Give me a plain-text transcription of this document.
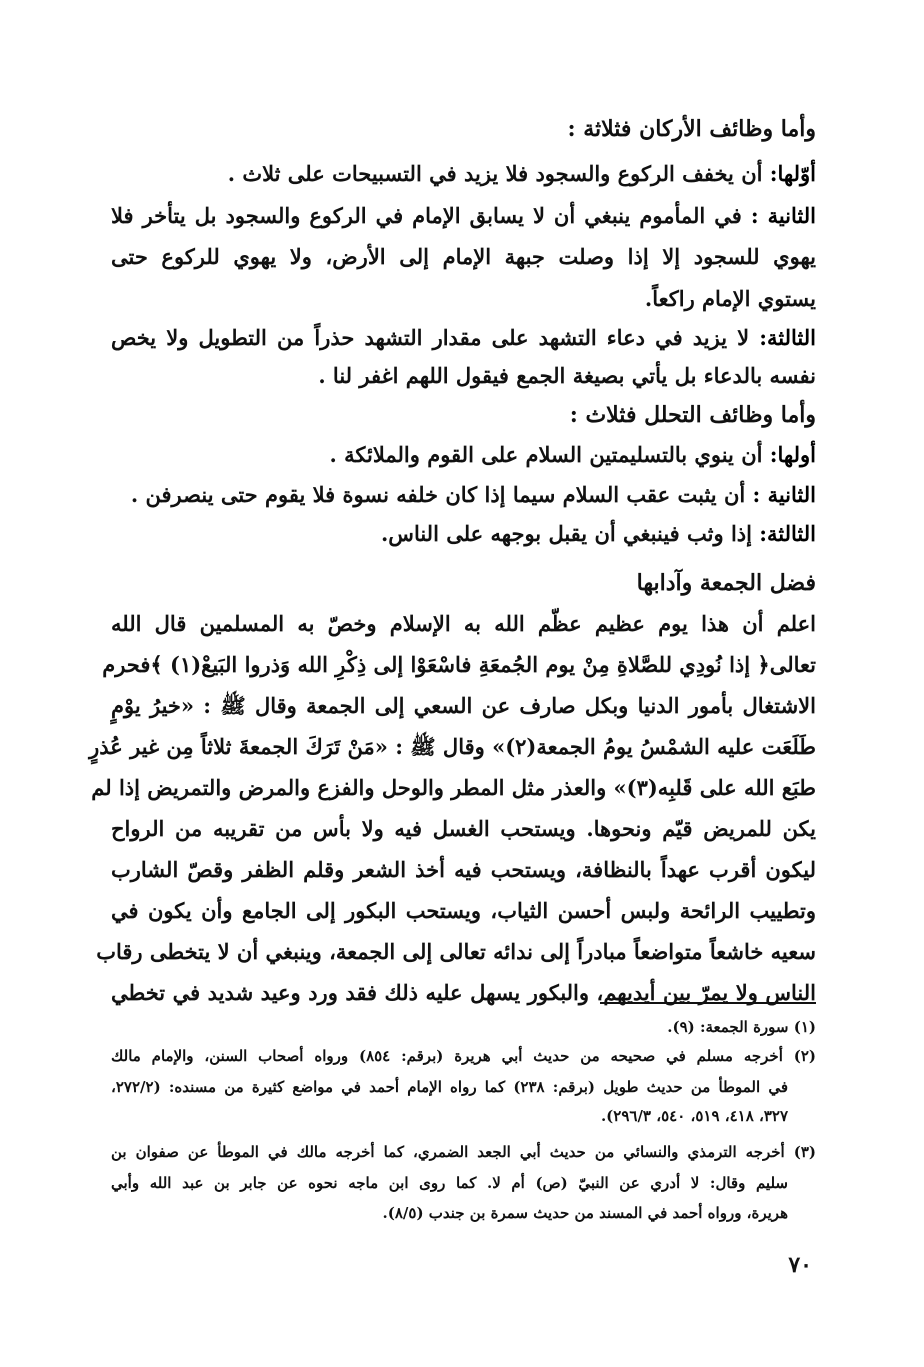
وأما وظائف الأركان فثلاثة :
أوّلها: أن يخفف الركوع والسجود فلا يزيد في التسبيحات على ثلاث .
الثانية : في المأموم ينبغي أن لا يسابق الإمام في الركوع والسجود بل يتأخر فلا
يهوي للسجود إلا إذا وصلت جبهة الإمام إلى الأرض، ولا يهوي للركوع حتى
يستوي الإمام راكعاً.
الثالثة: لا يزيد في دعاء التشهد على مقدار التشهد حذراً من التطويل ولا يخص
نفسه بالدعاء بل يأتي بصيغة الجمع فيقول اللهم اغفر لنا .
وأما وظائف التحلل فثلاث :
أولها: أن ينوي بالتسليمتين السلام على القوم والملائكة .
الثانية : أن يثبت عقب السلام سيما إذا كان خلفه نسوة فلا يقوم حتى ينصرفن .
الثالثة: إذا وثب فينبغي أن يقبل بوجهه على الناس.
فضل الجمعة وآدابها
اعلم أن هذا يوم عظيم عظّم الله به الإسلام وخصّ به المسلمين قال الله
تعالى﴿ إذا نُودِي للصَّلاةِ مِنْ يوم الجُمعَةِ فاسْعَوْا إلى ذِكْرِ الله وَذروا البَيعْ(١) ﴾فحرم
الاشتغال بأمور الدنيا وبكل صارف عن السعي إلى الجمعة وقال ﷺ : «خيرُ يوْمٍ
طَلَعَت عليه الشمْسُ يومُ الجمعة(٢)» وقال ﷺ : «مَنْ تَرَكَ الجمعةَ ثلاثاً مِن غير عُذرٍ
طبَع الله على قَلبِه(٣)» والعذر مثل المطر والوحل والفزع والمرض والتمريض إذا لم
يكن للمريض قيّم ونحوها. ويستحب الغسل فيه ولا بأس من تقريبه من الرواح
ليكون أقرب عهداً بالنظافة، ويستحب فيه أخذ الشعر وقلم الظفر وقصّ الشارب
وتطييب الرائحة ولبس أحسن الثياب، ويستحب البكور إلى الجامع وأن يكون في
سعيه خاشعاً متواضعاً مبادراً إلى ندائه تعالى إلى الجمعة، وينبغي أن لا يتخطى رقاب
الناس ولا يمرّ بين أيديهم، والبكور يسهل عليه ذلك فقد ورد وعيد شديد في تخطي
(١) سورة الجمعة: (٩).
(٢) أخرجه مسلم في صحيحه من حديث أبي هريرة (برقم: ٨٥٤) ورواه أصحاب السنن، والإمام مالك
في الموطأ من حديث طويل (برقم: ٢٣٨) كما رواه الإمام أحمد في مواضع كثيرة من مسنده: (٢٧٢/٢،
٣٢٧، ٤١٨، ٥١٩، ٥٤٠، ٢٩٦/٣).
(٣) أخرجه الترمذي والنسائي من حديث أبي الجعد الضمري، كما أخرجه مالك في الموطأ عن صفوان بن
سليم وقال: لا أدري عن النبيّ (ص) أم لا. كما روى ابن ماجه نحوه عن جابر بن عبد الله وأبي
هريرة، ورواه أحمد في المسند من حديث سمرة بن جندب (٨/٥).
٧٠
